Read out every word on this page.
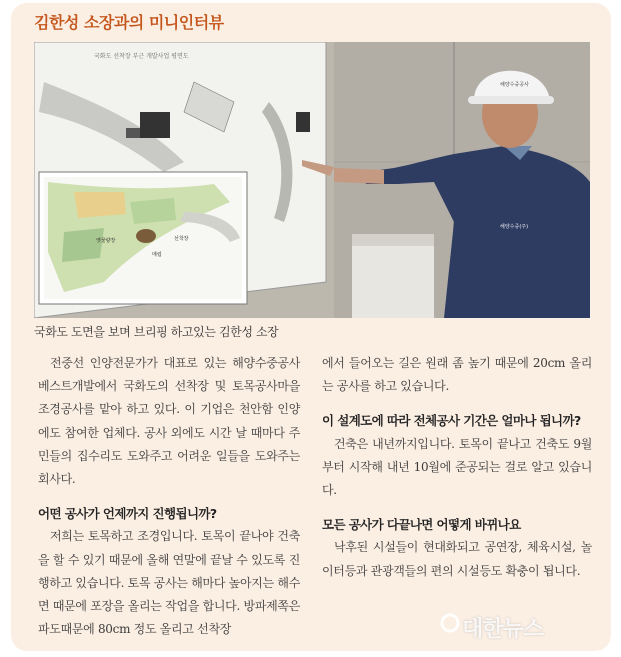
김한성 소장과의 미니인터뷰
국화도 선착장 부근 개발사업 평면도
옛물량장	선착장
매립
해양수중공사
해양수중(주)
국화도 도면을 보며 브리핑 하고있는 김한성 소장

전중선 인양전문가가 대표로 있는 해양수중공사 베스트개발에서 국화도의 선착장 및 토목공사마을 조경공사를 맡아 하고 있다. 이 기업은 천안함 인양에도 참여한 업체다. 공사 외에도 시간 날 때마다 주민들의 집수리도 도와주고 어려운 일들을 도와주는 회사다.

어떤 공사가 언제까지 진행됩니까?

저희는 토목하고 조경입니다. 토목이 끝나야 건축을 할 수 있기 때문에 올해 연말에 끝날 수 있도록 진행하고 있습니다. 토목 공사는 해마다 높아지는 해수면 때문에 포장을 올리는 작업을 합니다. 방파제쪽은 파도때문에 80cm 정도 올리고 선착장

에서 들어오는 길은 원래 좀 높기 때문에 20cm 올리는 공사를 하고 있습니다.

이 설계도에 따라 전체공사 기간은 얼마나 됩니까?

건축은 내년까지입니다. 토목이 끝나고 건축도 9월부터 시작해 내년 10월에 준공되는 걸로 알고 있습니다.

모든 공사가 다끝나면 어떻게 바뀌나요

낙후된 시설들이 현대화되고 공연장, 체육시설, 놀이터등과 관광객들의 편의 시설등도 확충이 됩니다.

대한뉴스
